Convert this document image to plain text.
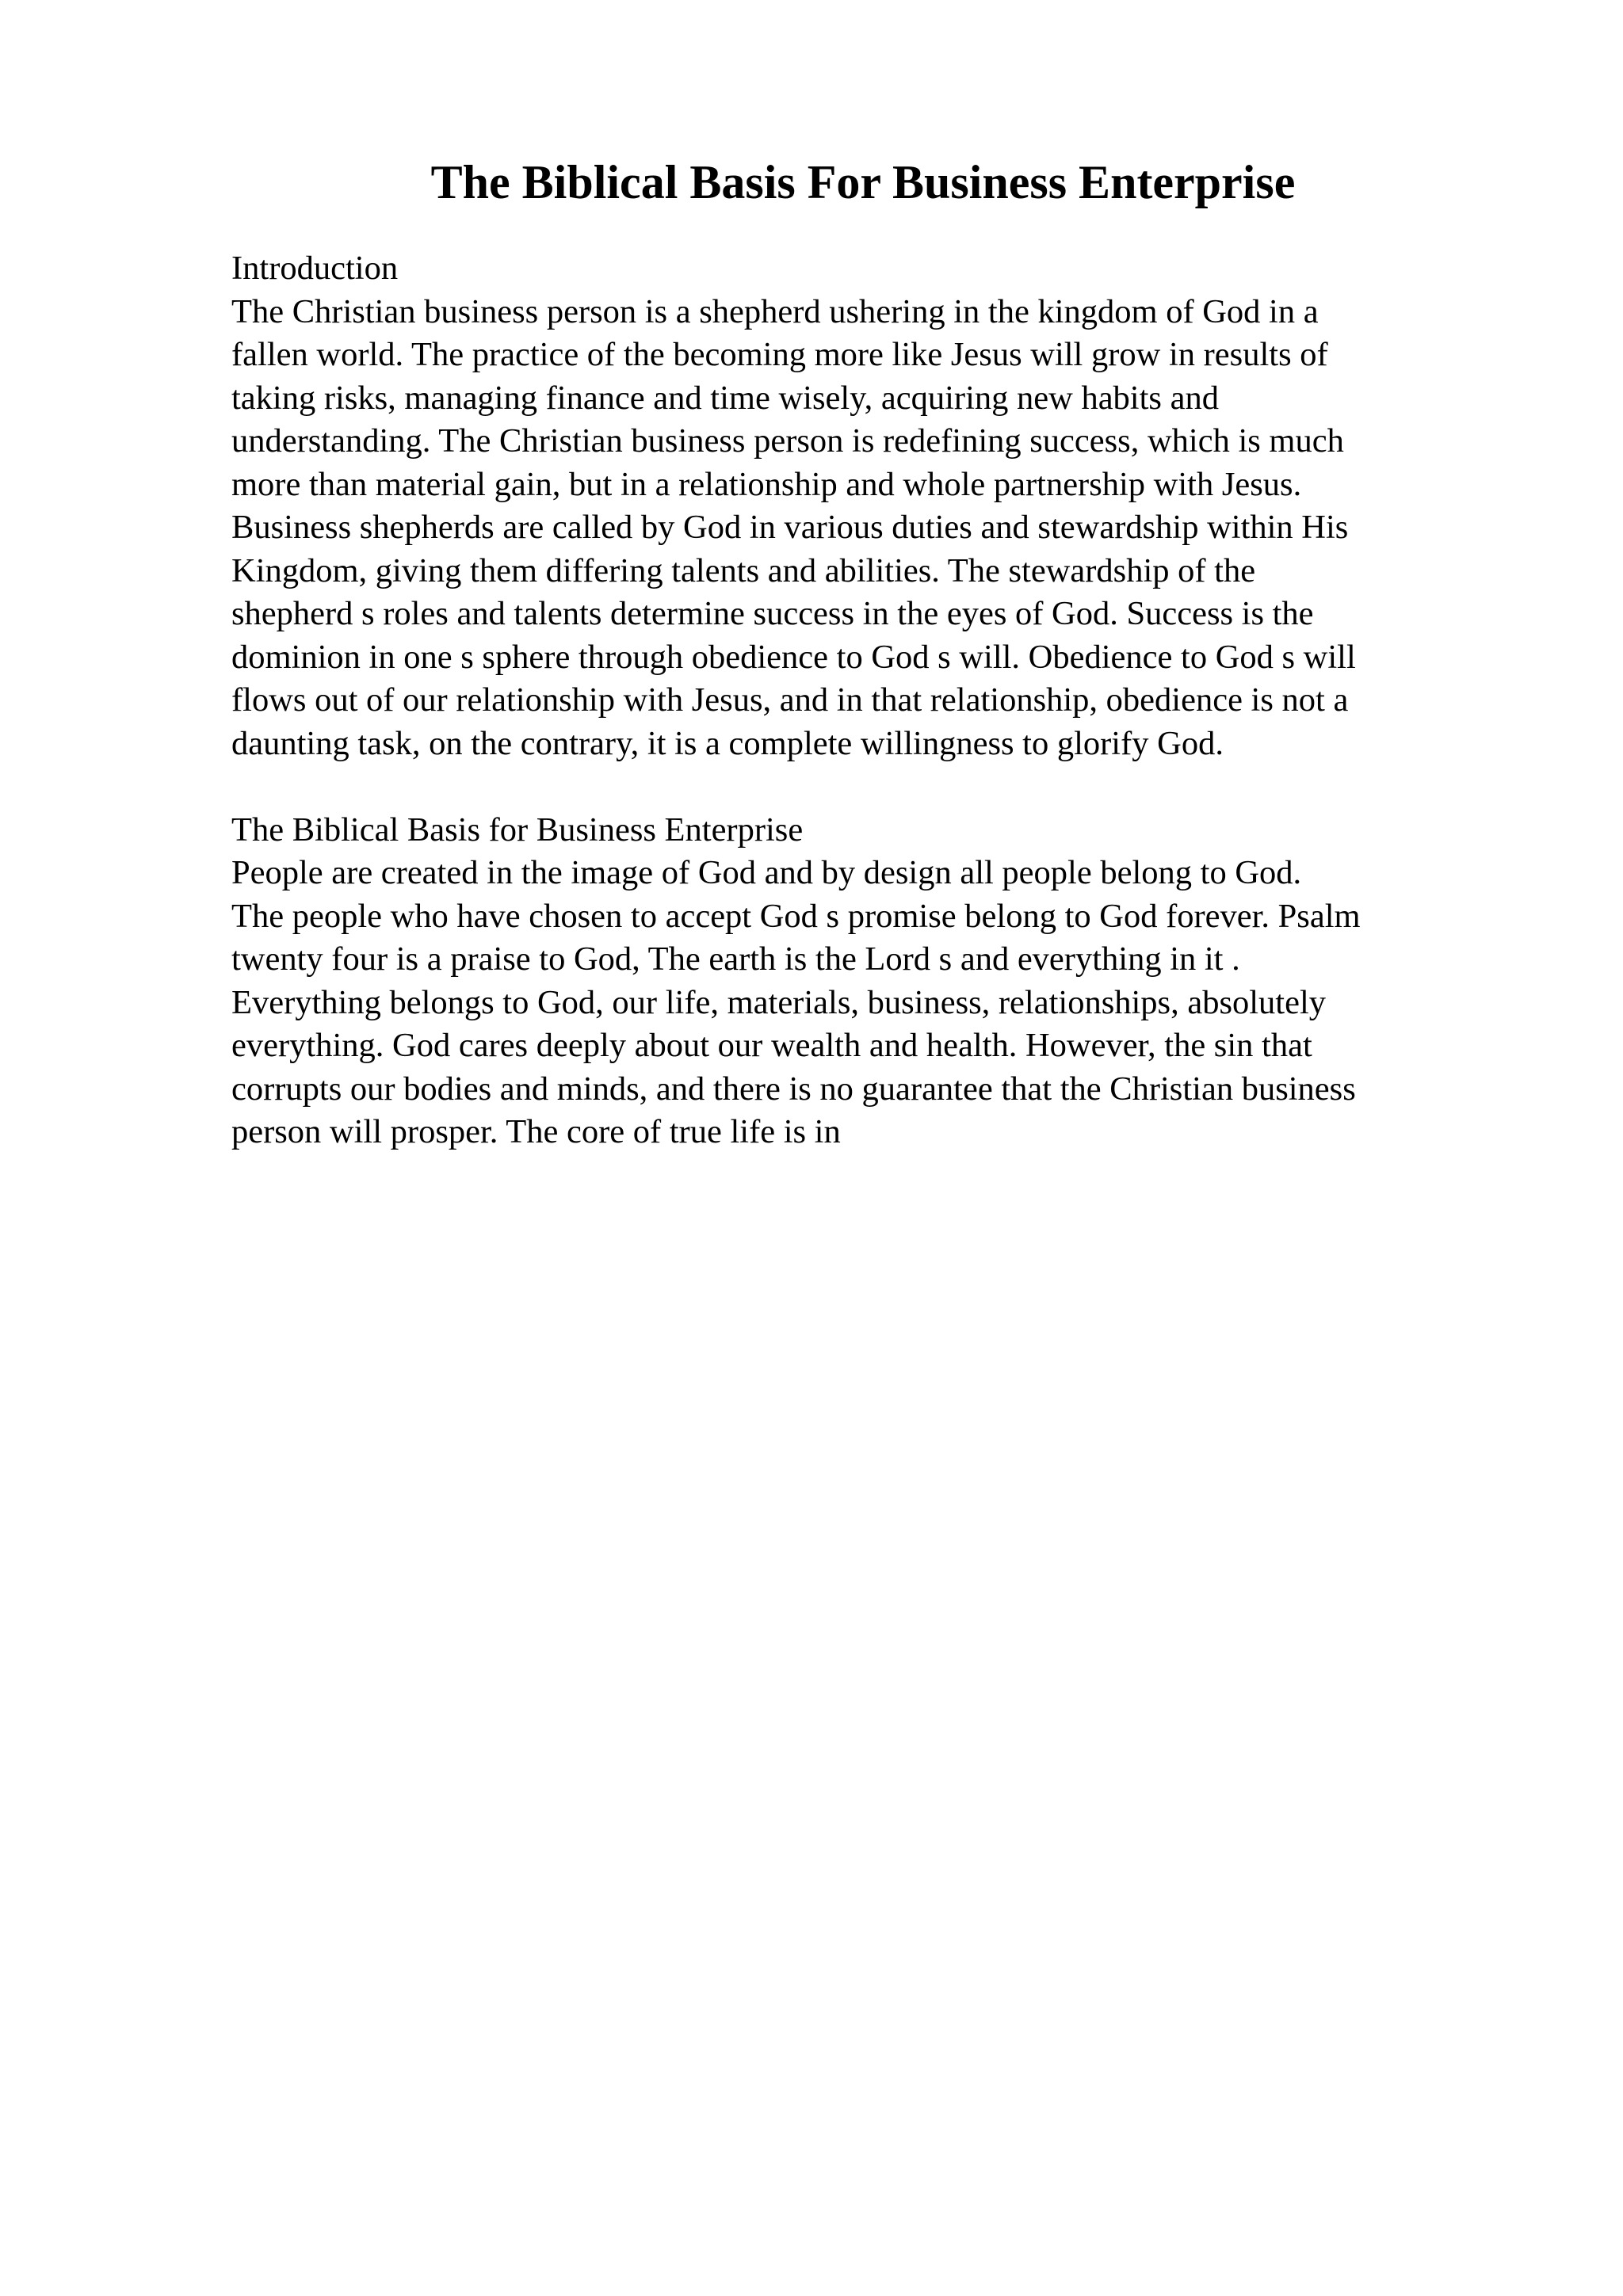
The Biblical Basis For Business Enterprise
Introduction

The Christian business person is a shepherd ushering in the kingdom of God in a
fallen world. The practice of the becoming more like Jesus will grow in results of
taking risks, managing finance and time wisely, acquiring new habits and
understanding. The Christian business person is redefining success, which is much
more than material gain, but in a relationship and whole partnership with Jesus.
Business shepherds are called by God in various duties and stewardship within His
Kingdom, giving them differing talents and abilities. The stewardship of the
shepherd s roles and talents determine success in the eyes of God. Success is the
dominion in one s sphere through obedience to God s will. Obedience to God s will
flows out of our relationship with Jesus, and in that relationship, obedience is not a
daunting task, on the contrary, it is a complete willingness to glorify God.

The Biblical Basis for Business Enterprise

People are created in the image of God and by design all people belong to God.
The people who have chosen to accept God s promise belong to God forever. Psalm
twenty four is a praise to God, The earth is the Lord s and everything in it .
Everything belongs to God, our life, materials, business, relationships, absolutely
everything. God cares deeply about our wealth and health. However, the sin that
corrupts our bodies and minds, and there is no guarantee that the Christian business
person will prosper. The core of true life is in
